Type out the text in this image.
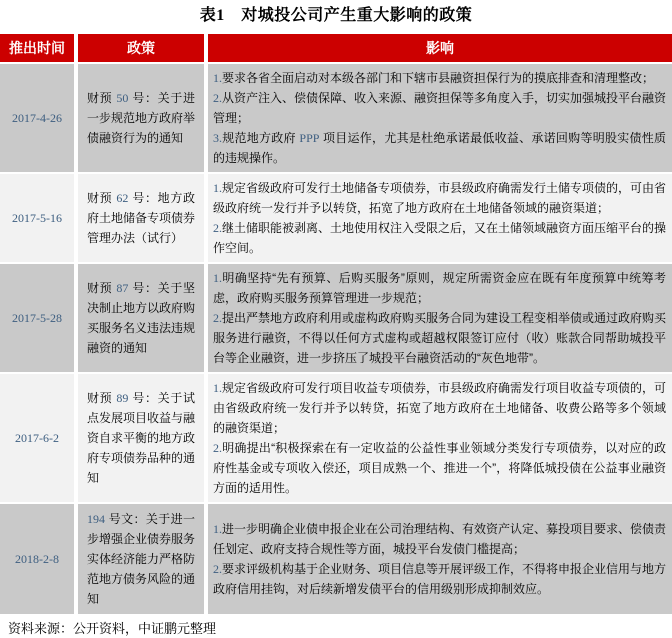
表1　对城投公司产生重大影响的政策
推出时间	政策	影响
2017-4-26	财预 50 号：关于进一步规范地方政府举债融资行为的通知	1.要求各省全面启动对本级各部门和下辖市县融资担保行为的摸底排查和清理整改；

2.从资产注入、偿债保障、收入来源、融资担保等多角度入手，切实加强城投平台融资管理；

3.规范地方政府 PPP 项目运作，尤其是杜绝承诺最低收益、承诺回购等明股实债性质的违规操作。

2017-5-16	财预 62 号：地方政府土地储备专项债券管理办法（试行）	1.规定省级政府可发行土地储备专项债券，市县级政府确需发行土储专项债的，可由省级政府统一发行并予以转贷，拓宽了地方政府在土地储备领域的融资渠道；

2.继土储职能被剥离、土地使用权注入受限之后，又在土储领域融资方面压缩平台的操作空间。

2017-5-28	财预 87 号：关于坚决制止地方以政府购买服务名义违法违规融资的通知	1.明确坚持“先有预算、后购买服务”原则，规定所需资金应在既有年度预算中统筹考虑，政府购买服务预算管理进一步规范；

2.提出严禁地方政府利用或虚构政府购买服务合同为建设工程变相举债或通过政府购买服务进行融资，不得以任何方式虚构或超越权限签订应付（收）账款合同帮助城投平台等企业融资，进一步挤压了城投平台融资活动的“灰色地带”。

2017-6-2	财预 89 号：关于试点发展项目收益与融资自求平衡的地方政府专项债券品种的通知	1.规定省级政府可发行项目收益专项债券，市县级政府确需发行项目收益专项债的，可由省级政府统一发行并予以转贷，拓宽了地方政府在土地储备、收费公路等多个领域的融资渠道；

2.明确提出“积极探索在有一定收益的公益性事业领域分类发行专项债券，以对应的政府性基金或专项收入偿还，项目成熟一个、推进一个”，将降低城投债在公益事业融资方面的适用性。

2018-2-8	194 号文：关于进一步增强企业债券服务实体经济能力严格防范地方债务风险的通知	1.进一步明确企业债申报企业在公司治理结构、有效资产认定、募投项目要求、偿债责任划定、政府支持合规性等方面，城投平台发债门槛提高；

2.要求评级机构基于企业财务、项目信息等开展评级工作，不得将申报企业信用与地方政府信用挂钩，对后续新增发债平台的信用级别形成抑制效应。

资料来源：公开资料，中证鹏元整理
